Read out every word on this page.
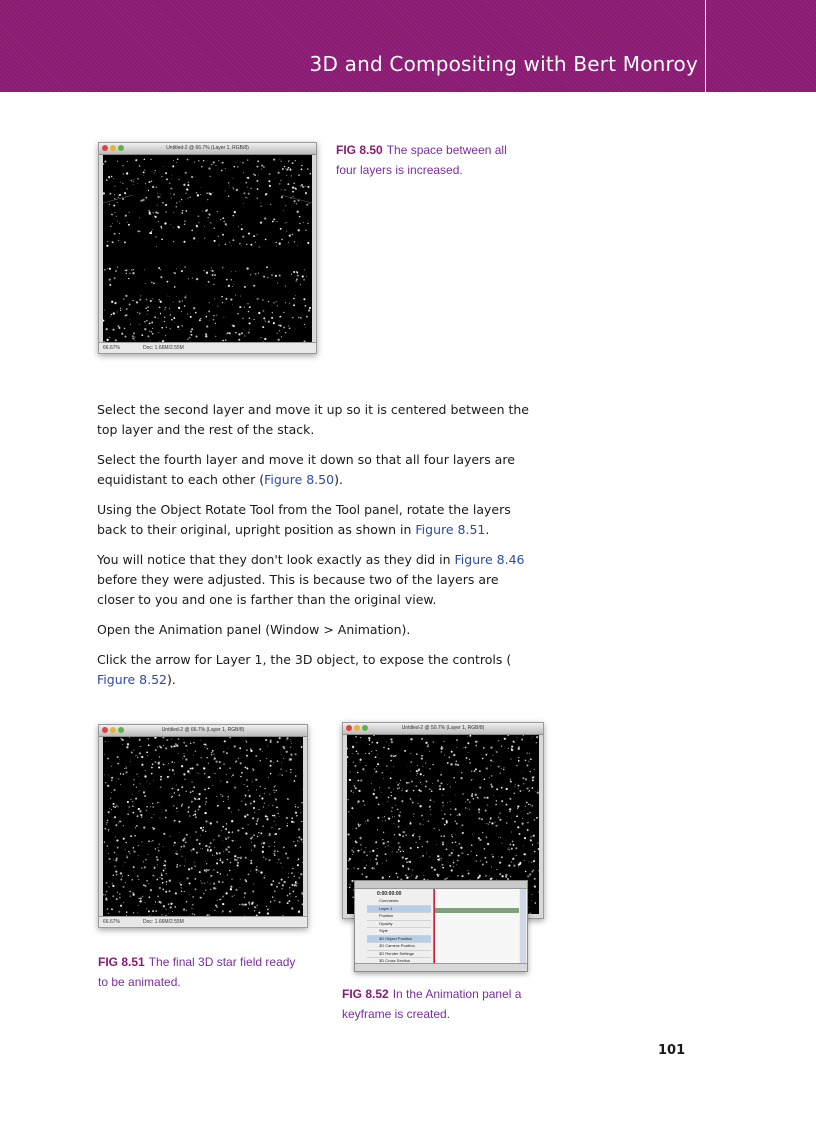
3D and Compositing with Bert Monroy
Untitled-2 @ 66.7% (Layer 1, RGB/8)
66.67%	Doc: 1.66M/2.55M
FIG 8.50 The space between all four layers is increased.

Select the second layer and move it up so it is centered between the top layer and the rest of the stack.

Select the fourth layer and move it down so that all four layers are equidistant to each other (Figure 8.50).

Using the Object Rotate Tool from the Tool panel, rotate the layers back to their original, upright position as shown in Figure 8.51.

You will notice that they don't look exactly as they did in Figure 8.46 before they were adjusted. This is because two of the layers are closer to you and one is farther than the original view.

Open the Animation panel (Window > Animation).

Click the arrow for Layer 1, the 3D object, to expose the controls (
Figure 8.52).

Untitled-2 @ 66.7% (Layer 1, RGB/8)
66.67%	Doc: 1.66M/2.55M
FIG 8.51 The final 3D star field ready to be animated.
Untitled-2 @ 50.7% (Layer 1, RGB/8)
0:00:00:00
Comments
Layer 1
Position
Opacity
Style
3D Object Position
3D Camera Position
3D Render Settings
3D Cross Section
FIG 8.52 In the Animation panel a keyframe is created.
101
